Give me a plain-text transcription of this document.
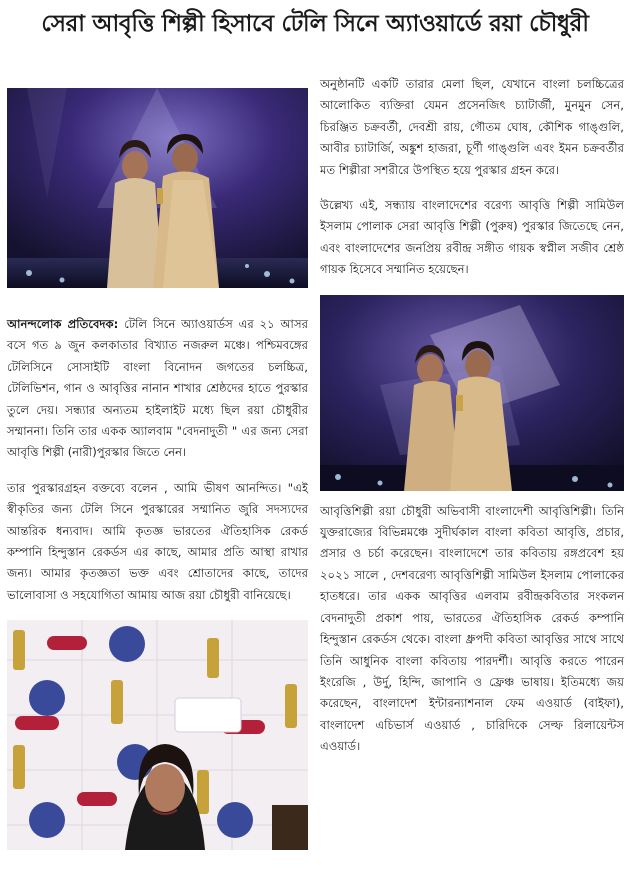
সেরা আবৃত্তি শিল্পী হিসাবে টেলি সিনে অ্যাওয়ার্ডে রয়া চৌধুরী

আনন্দলোক প্রতিবেদক: টেলি সিনে অ্যাওয়ার্ডস এর ২১ আসর বসে গত ৯ জুন কলকাতার বিখ্যাত নজরুল মঞ্চে। পশ্চিমবঙ্গের টেলিসিনে সোসাইটি বাংলা বিনোদন জগতের চলচ্চিত্র, টেলিভিশন, গান ও আবৃত্তির নানান শাখার শ্রেষ্ঠদের হাতে পুরস্কার তুলে দেয়। সন্ধ্যার অন্যতম হাইলাইট মধ্যে ছিল রয়া চৌধুরীর সম্মাননা। তিনি তার একক অ্যালবাম "বেদনাদুতী " এর জন্য সেরা আবৃত্তি শিল্পী (নারী)পুরস্কার জিতে নেন।

তার পুরস্কারগ্রহন বক্তব্যে বলেন , আমি ভীষণ আনন্দিত। "এই স্বীকৃতির জন্য টেলি সিনে পুরস্কারের সম্মানিত জুরি সদস্যদের আন্তরিক ধন্যবাদ। আমি কৃতজ্ঞ ভারতের ঐতিহাসিক রেকর্ড কম্পানি হিন্দুস্তান রেকর্ডস এর কাছে, আমার প্রতি আস্থা রাখার জন্য। আমার কৃতজ্ঞতা ভক্ত এবং শ্রোতাদের কাছে, তাদের ভালোবাসা ও সহযোগিতা আমায় আজ রয়া চৌধুরী বানিয়েছে।

অনুষ্ঠানটি একটি তারার মেলা ছিল, যেখানে বাংলা চলচ্চিত্রের আলোকিত ব্যক্তিরা যেমন প্রসেনজিৎ চ্যাটার্জী, মুনমুন সেন, চিরঞ্জিত চক্রবর্তী, দেবশ্রী রায়, গৌতম ঘোষ, কৌশিক গাঙ্গুলি, আবীর চ্যাটার্জি, অঙ্কুশ হাজরা, চূর্ণী গাঙ্গুলি এবং ইমন চক্রবর্তীর মত শিল্পীরা সশরীরে উপস্থিত হয়ে পুরস্কার গ্রহন করে।

উল্লেখ্য এই, সন্ধ্যায় বাংলাদেশের বরেণ্য আবৃত্তি শিল্পী সামিউল ইসলাম পোলাক সেরা আবৃত্তি শিল্পী (পুরুষ) পুরস্কার জিতেছে নেন, এবং বাংলাদেশের জনপ্রিয় রবীন্দ্র সঙ্গীত গায়ক স্বপ্নীল সজীব শ্রেষ্ঠ গায়ক হিসেবে সম্মানিত হয়েছেন।

আবৃত্তিশিল্পী রয়া চৌধুরী অভিবাসী বাংলাদেশী আবৃত্তিশিল্পী। তিনি যুক্তরাজ্যের বিভিন্নমঞ্চে সুদীর্ঘকাল বাংলা কবিতা আবৃত্তি, প্রচার, প্রসার ও চর্চা করেছেন। বাংলাদেশে তার কবিতায় রঙ্গপ্রবেশ হয় ২০২১ সালে , দেশবরেণ্য আবৃত্তিশিল্পী সামিউল ইসলাম পোলাকের হাতধরে। তার একক আবৃত্তির এলবাম রবীন্দ্রকবিতার সংকলন বেদনাদুতী প্রকাশ পায়, ভারতের ঐতিহাসিক রেকর্ড কম্পানি হিন্দুস্তান রেকর্ডস থেকে। বাংলা ধ্রুপদী কবিতা আবৃত্তির সাথে সাথে তিনি আধুনিক বাংলা কবিতায় পারদর্শী। আবৃত্তি করতে পারেন ইংরেজি , উর্দু, হিন্দি, জাপানি ও ফ্রেঞ্চ ভাষায়। ইতিমধ্যে জয় করেছেন, বাংলাদেশ ইন্টারন্যাশনাল ফেম এওয়ার্ড (বাইফা), বাংলাদেশ এচিভার্স এওয়ার্ড , চারিদিকে সেল্ফ রিলায়েন্টস এওয়ার্ড।
